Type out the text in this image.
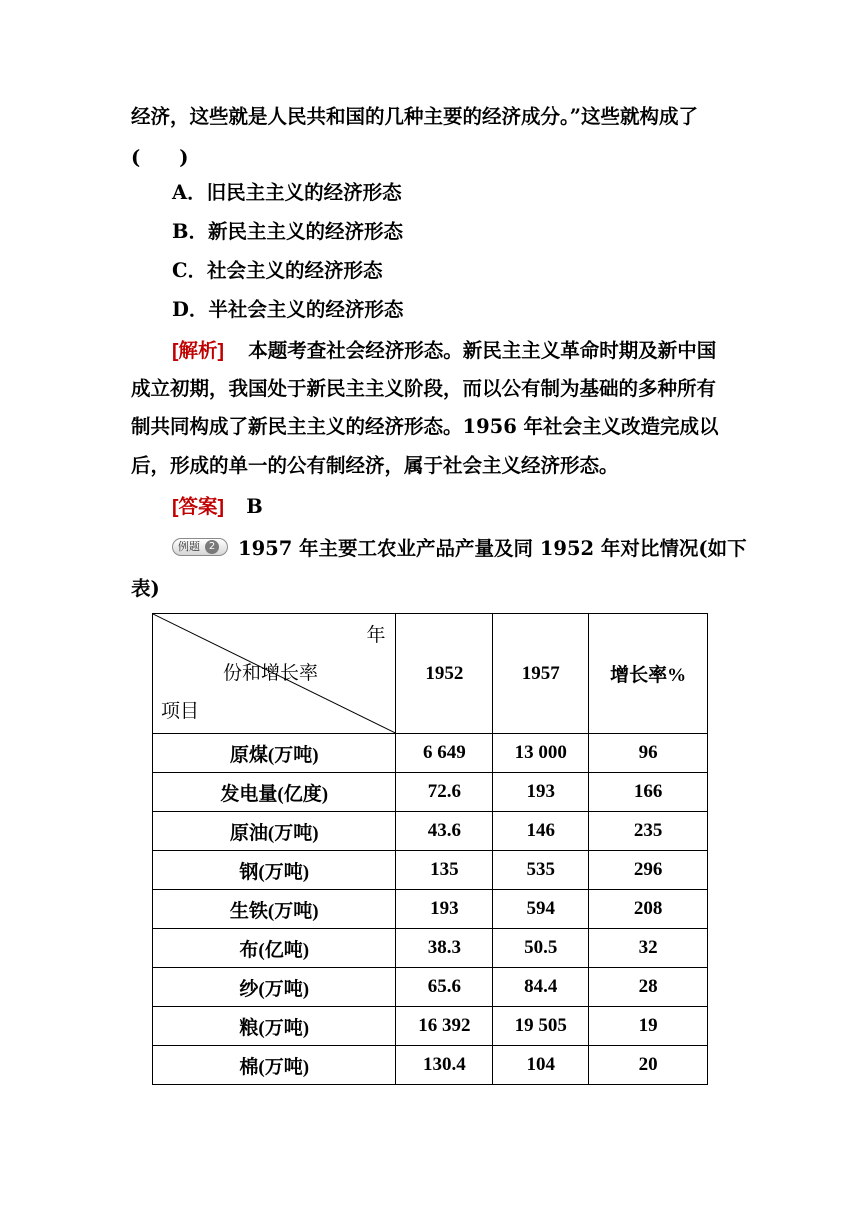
经济，这些就是人民共和国的几种主要的经济成分。”这些就构成了
(　　)
A．旧民主主义的经济形态
B．新民主主义的经济形态
C．社会主义的经济形态
D．半社会主义的经济形态
[解析] 本题考查社会经济形态。新民主主义革命时期及新中国
成立初期，我国处于新民主主义阶段，而以公有制为基础的多种所有
制共同构成了新民主主义的经济形态。1956 年社会主义改造完成以
后，形成的单一的公有制经济，属于社会主义经济形态。
[答案] B
例题 2 1957 年主要工农业产品产量及同 1952 年对比情况(如下
表)
年
份和增长率
项目	1952	1957	增长率%
原煤(万吨)	6 649	13 000	96
发电量(亿度)	72.6	193	166
原油(万吨)	43.6	146	235
钢(万吨)	135	535	296
生铁(万吨)	193	594	208
布(亿吨)	38.3	50.5	32
纱(万吨)	65.6	84.4	28
粮(万吨)	16 392	19 505	19
棉(万吨)	130.4	104	20
